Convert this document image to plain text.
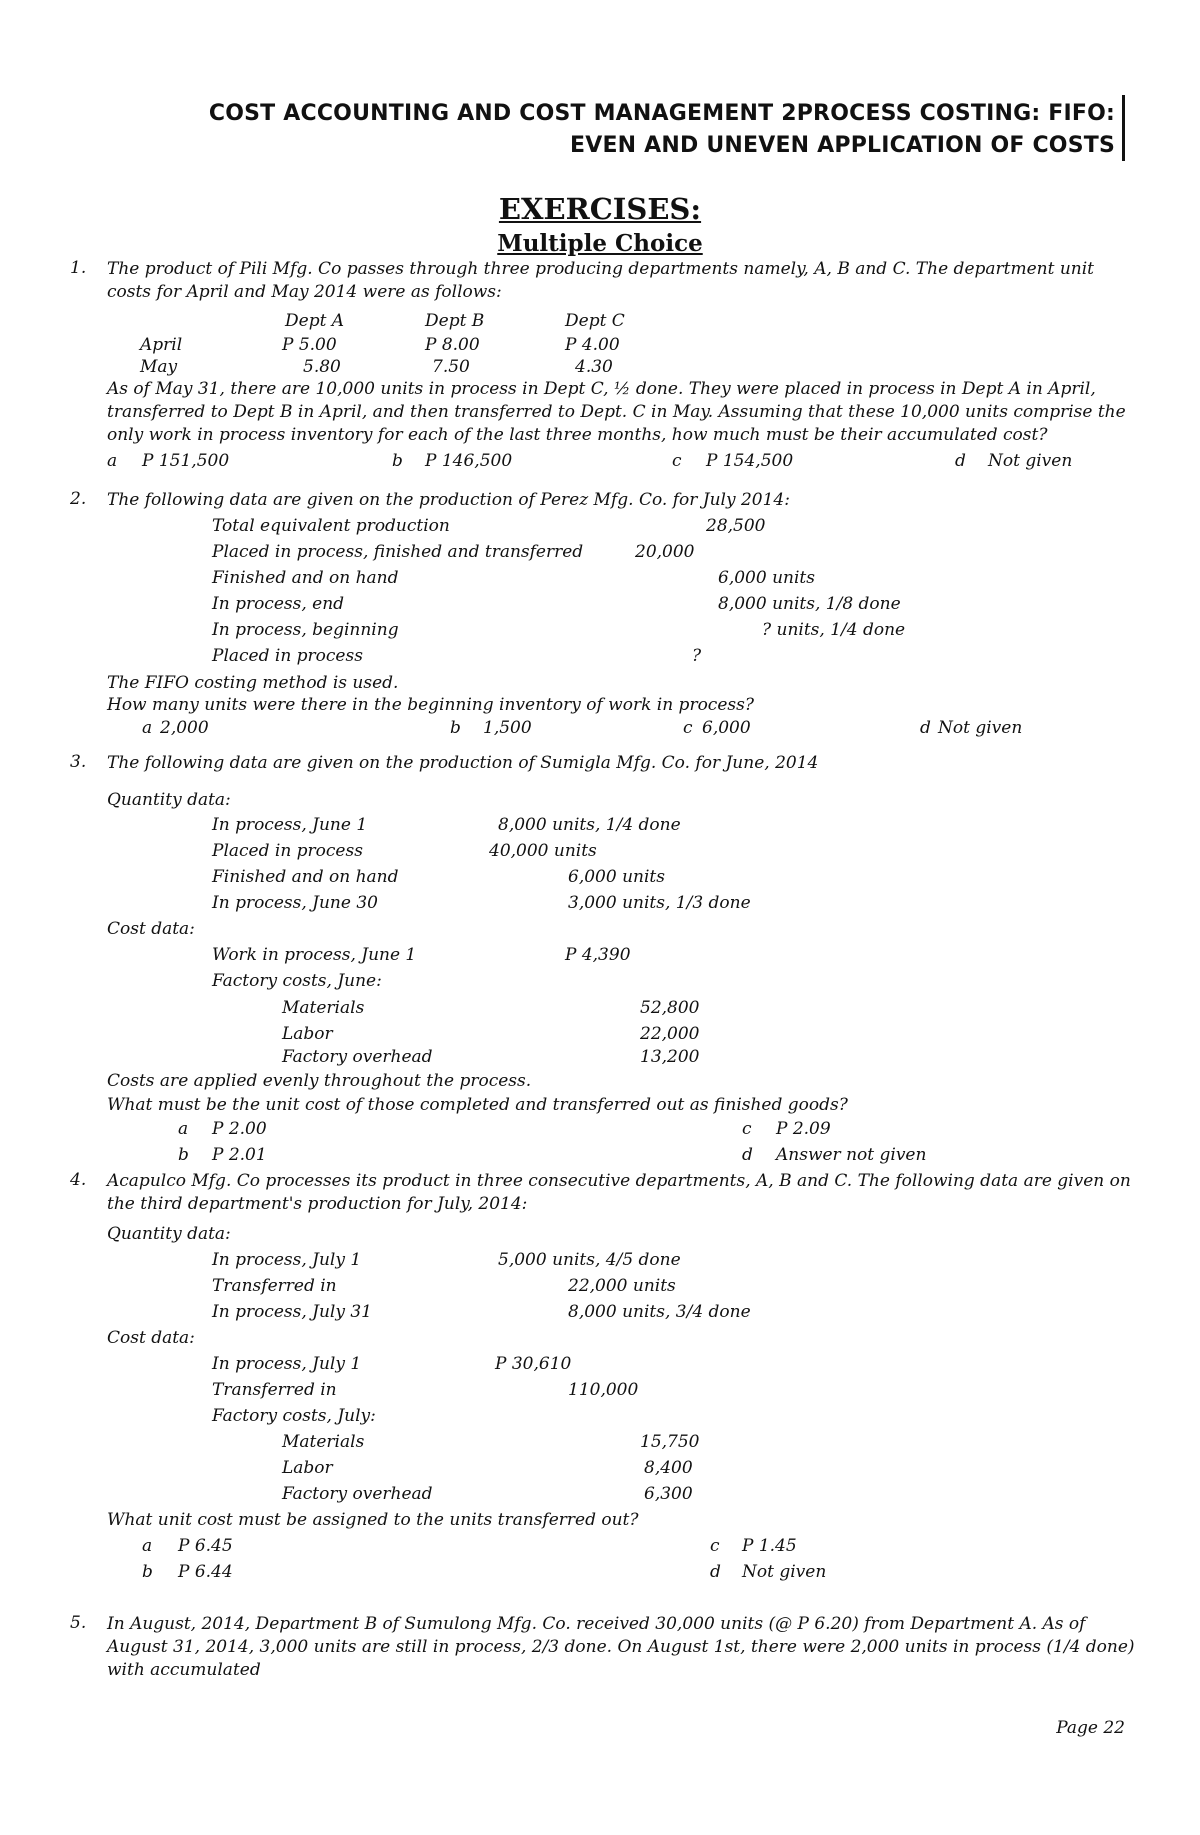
COST ACCOUNTING AND COST MANAGEMENT 2PROCESS COSTING: FIFO:
EVEN AND UNEVEN APPLICATION OF COSTS
EXERCISES:
Multiple Choice
1. The product of Pili Mfg. Co passes through three producing departments namely, A, B and C. The department unit costs for April and May 2014 were as follows:
Dept A	Dept B	Dept C
April	P 5.00	P 8.00	P 4.00
May	5.80	7.50	4.30
As of May 31, there are 10,000 units in process in Dept C, ½ done. They were placed in process in Dept A in April, transferred to Dept B in April, and then transferred to Dept. C in May. Assuming that these 10,000 units comprise the only work in process inventory for each of the last three months, how much must be their accumulated cost?
a P 151,500	b P 146,500	c P 154,500	d Not given
2. The following data are given on the production of Perez Mfg. Co. for July 2014:
Total equivalent production	28,500
Placed in process, finished and transferred	20,000
Finished and on hand	6,000 units
In process, end	8,000 units, 1/8 done
In process, beginning	? units, 1/4 done
Placed in process	?
The FIFO costing method is used.
How many units were there in the beginning inventory of work in process?
a 2,000	b 1,500	c 6,000	d Not given
3. The following data are given on the production of Sumigla Mfg. Co. for June, 2014
Quantity data:
In process, June 1	8,000 units, 1/4 done
Placed in process	40,000 units
Finished and on hand	6,000 units
In process, June 30	3,000 units, 1/3 done
Cost data:
Work in process, June 1	P 4,390
Factory costs, June:
Materials	52,800
Labor	22,000
Factory overhead	13,200
Costs are applied evenly throughout the process.
What must be the unit cost of those completed and transferred out as finished goods?
a P 2.00	c P 2.09
b P 2.01	d Answer not given
4. Acapulco Mfg. Co processes its product in three consecutive departments, A, B and C. The following data are given on the third department's production for July, 2014:
Quantity data:
In process, July 1	5,000 units, 4/5 done
Transferred in	22,000 units
In process, July 31	8,000 units, 3/4 done
Cost data:
In process, July 1	P 30,610
Transferred in	110,000
Factory costs, July:
Materials	15,750
Labor	8,400
Factory overhead	6,300
What unit cost must be assigned to the units transferred out?
a P 6.45	c P 1.45
b P 6.44	d Not given
5. In August, 2014, Department B of Sumulong Mfg. Co. received 30,000 units (@ P 6.20) from Department A. As of August 31, 2014, 3,000 units are still in process, 2/3 done. On August 1st, there were 2,000 units in process (1/4 done) with accumulated
Page 22
